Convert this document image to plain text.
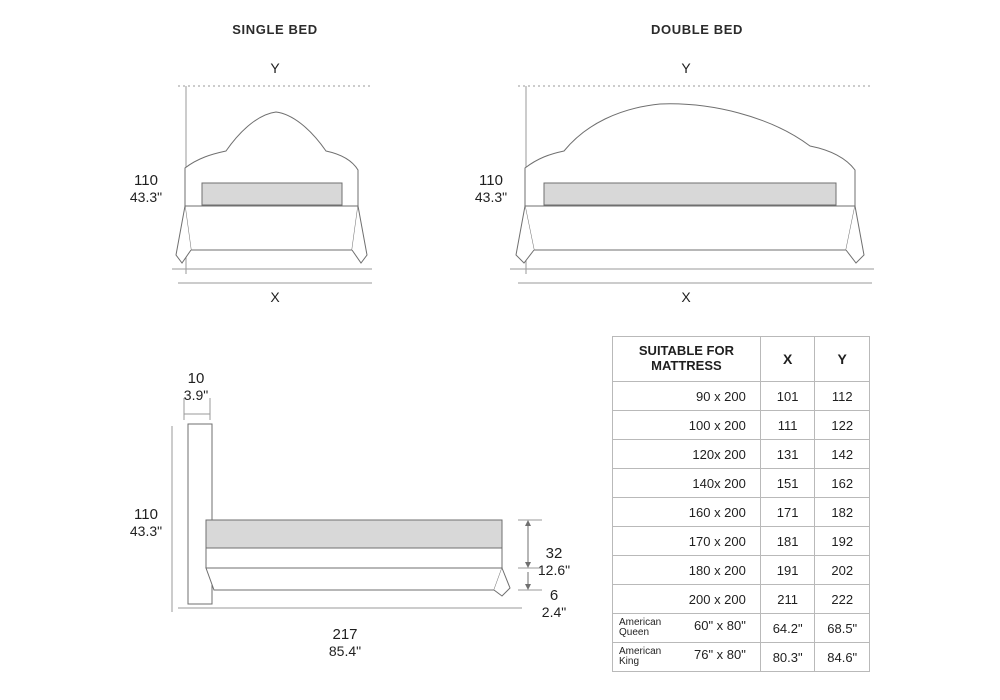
SINGLE BED
Y
110
43.3"
X
DOUBLE BED
Y
110
43.3"
X
10
3.9"
110
43.3"
32
12.6"
6
2.4"
217
85.4"
SUITABLE FOR
MATTRESS	X	Y
90 x 200	101	112
100 x 200	111	122
120x 200	131	142
140x 200	151	162
160 x 200	171	182
170 x 200	181	192
180 x 200	191	202
200 x 200	211	222

American Queen 60" x 80"	64.2"	68.5"

American King 76" x 80"	80.3"	84.6"
